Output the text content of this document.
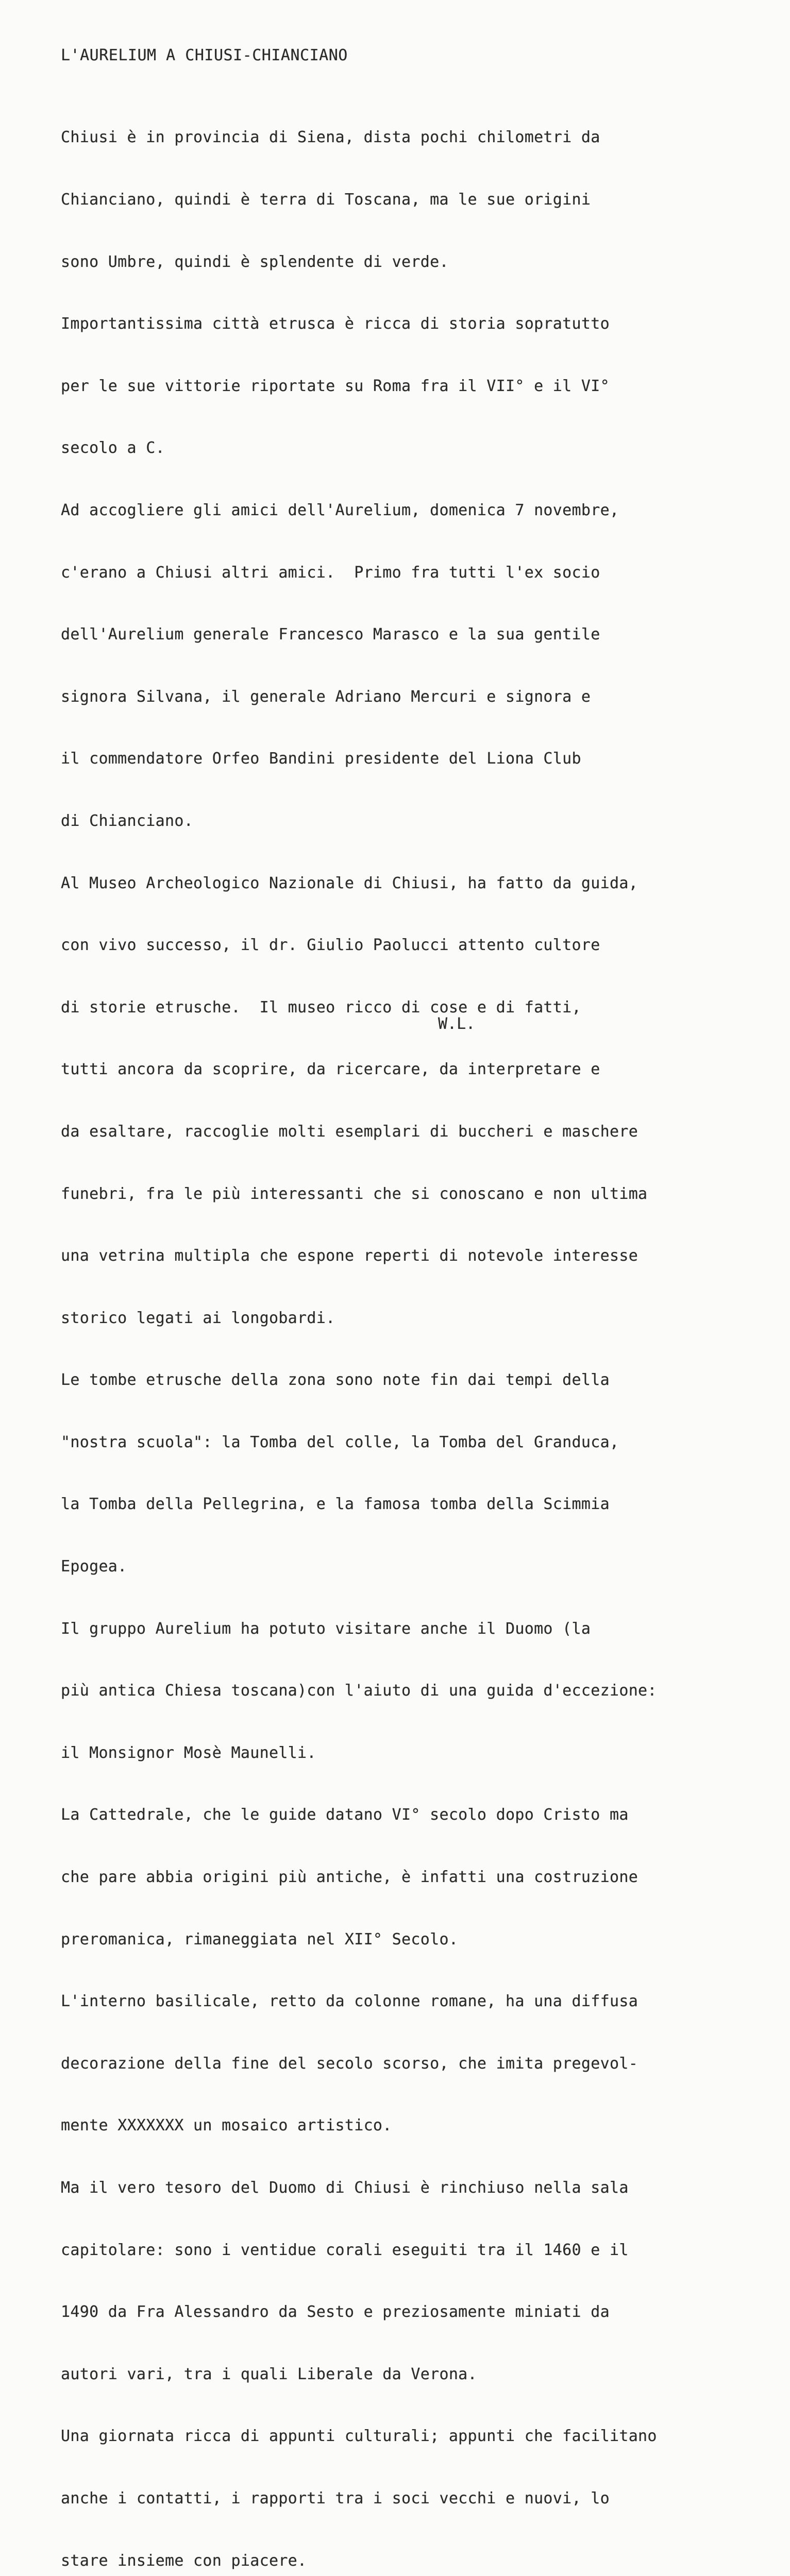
L'AURELIUM A CHIUSI-CHIANCIANO

Chiusi è in provincia di Siena, dista pochi chilometri da

Chianciano, quindi è terra di Toscana, ma le sue origini

sono Umbre, quindi è splendente di verde.

Importantissima città etrusca è ricca di storia sopratutto

per le sue vittorie riportate su Roma fra il VII° e il VI°

secolo a C.

Ad accogliere gli amici dell'Aurelium, domenica 7 novembre,

c'erano a Chiusi altri amici.  Primo fra tutti l'ex socio

dell'Aurelium generale Francesco Marasco e la sua gentile

signora Silvana, il generale Adriano Mercuri e signora e

il commendatore Orfeo Bandini presidente del Liona Club

di Chianciano.

Al Museo Archeologico Nazionale di Chiusi, ha fatto da guida,

con vivo successo, il dr. Giulio Paolucci attento cultore

di storie etrusche.  Il museo ricco di cose e di fatti,

tutti ancora da scoprire, da ricercare, da interpretare e

da esaltare, raccoglie molti esemplari di buccheri e maschere

funebri, fra le più interessanti che si conoscano e non ultima

una vetrina multipla che espone reperti di notevole interesse

storico legati ai longobardi.

Le tombe etrusche della zona sono note fin dai tempi della

"nostra scuola": la Tomba del colle, la Tomba del Granduca,

la Tomba della Pellegrina, e la famosa tomba della Scimmia

Epogea.

Il gruppo Aurelium ha potuto visitare anche il Duomo (la

più antica Chiesa toscana)con l'aiuto di una guida d'eccezione:

il Monsignor Mosè Maunelli.

La Cattedrale, che le guide datano VI° secolo dopo Cristo ma

che pare abbia origini più antiche, è infatti una costruzione

preromanica, rimaneggiata nel XII° Secolo.

L'interno basilicale, retto da colonne romane, ha una diffusa

decorazione della fine del secolo scorso, che imita pregevol-

mente XXXXXXX un mosaico artistico.

Ma il vero tesoro del Duomo di Chiusi è rinchiuso nella sala

capitolare: sono i ventidue corali eseguiti tra il 1460 e il

1490 da Fra Alessandro da Sesto e preziosamente miniati da

autori vari, tra i quali Liberale da Verona.

Una giornata ricca di appunti culturali; appunti che facilitano

anche i contatti, i rapporti tra i soci vecchi e nuovi, lo

stare insieme con piacere.

W.L.
